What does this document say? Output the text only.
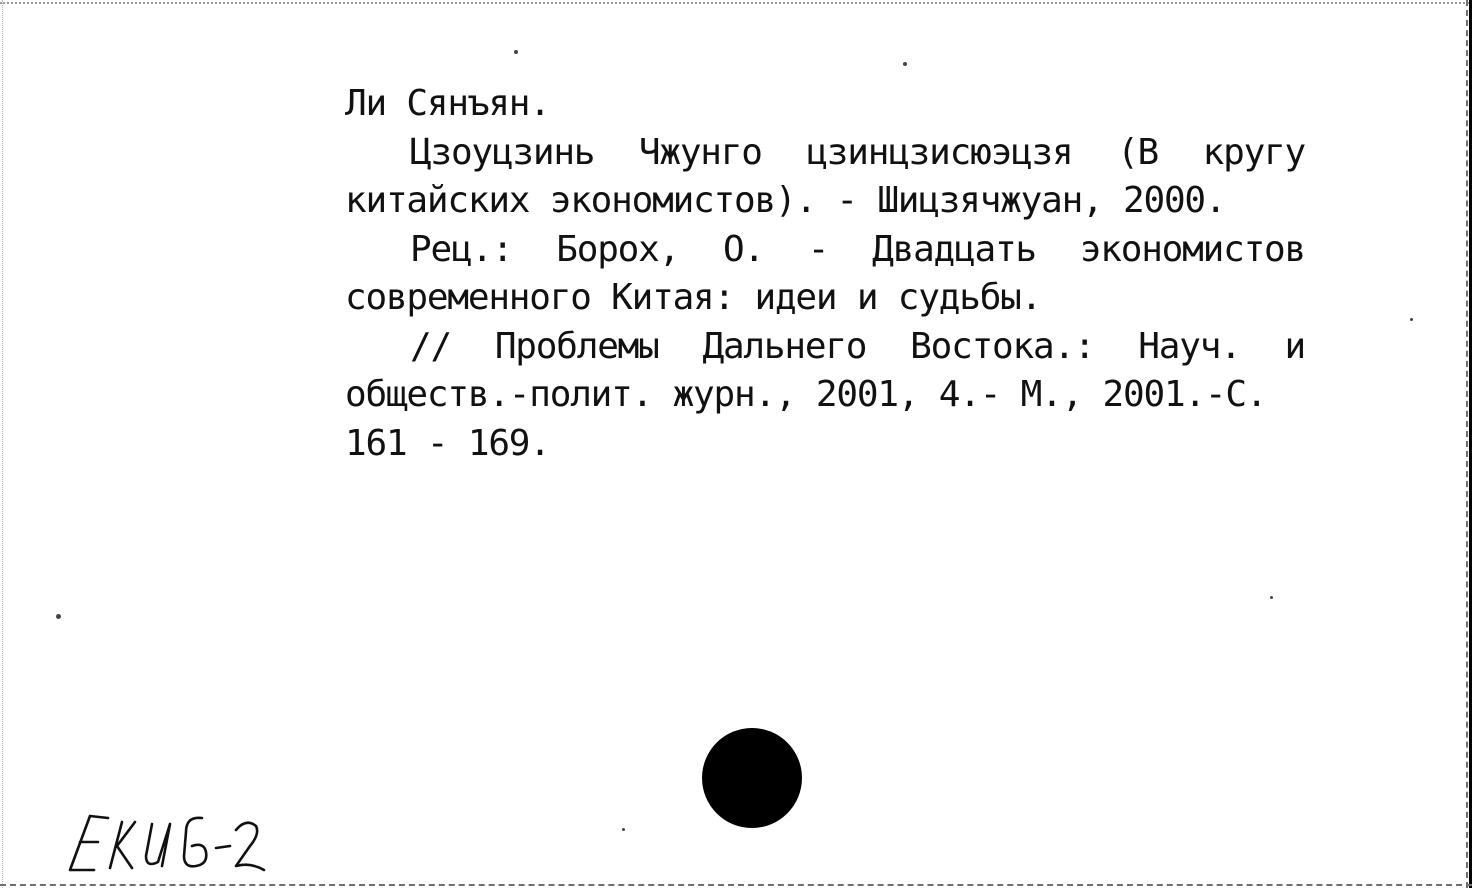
Ли Сянъян.
Цзоуцзинь Чжунго цзинцзисюэцзя (В кругу
китайских экономистов). - Шицзячжуан, 2000.
Рец.: Борох, О. - Двадцать экономистов
современного Китая: идеи и судьбы.
// Проблемы Дальнего Востока.: Науч. и
обществ.-полит. журн., 2001, 4.- М., 2001.-С.
161 - 169.
